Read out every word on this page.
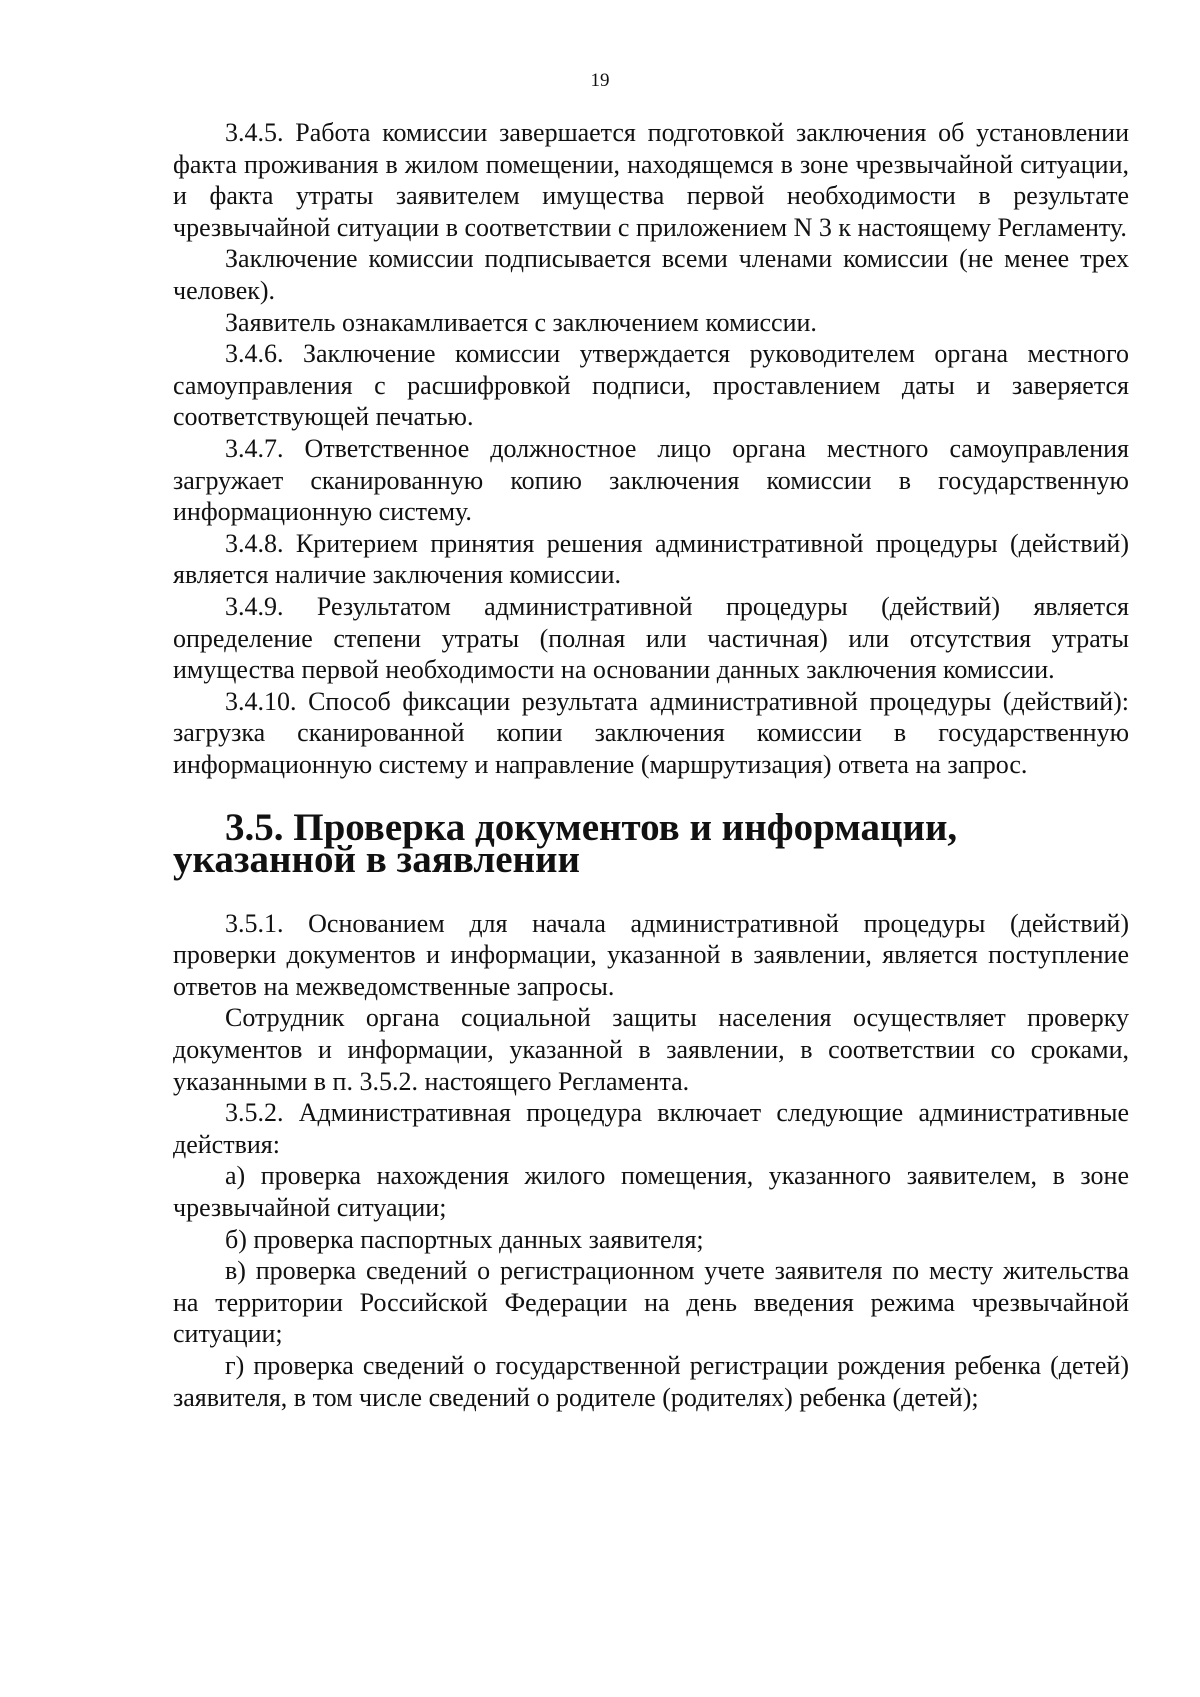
19

3.4.5. Работа комиссии завершается подготовкой заключения об установлении факта проживания в жилом помещении, находящемся в зоне чрезвычайной ситуации, и факта утраты заявителем имущества первой необходимости в результате чрезвычайной ситуации в соответствии с приложением N 3 к настоящему Регламенту.

Заключение комиссии подписывается всеми членами комиссии (не менее трех человек).

Заявитель ознакамливается с заключением комиссии.

3.4.6. Заключение комиссии утверждается руководителем органа местного самоуправления с расшифровкой подписи, проставлением даты и заверяется соответствующей печатью.

3.4.7. Ответственное должностное лицо органа местного самоуправления загружает сканированную копию заключения комиссии в государственную информационную систему.

3.4.8. Критерием принятия решения административной процедуры (действий) является наличие заключения комиссии.

3.4.9. Результатом административной процедуры (действий) является определение степени утраты (полная или частичная) или отсутствия утраты имущества первой необходимости на основании данных заключения комиссии.

3.4.10. Способ фиксации результата административной процедуры (действий): загрузка сканированной копии заключения комиссии в государственную информационную систему и направление (маршрутизация) ответа на запрос.

3.5. Проверка документов и информации, указанной в заявлении

3.5.1. Основанием для начала административной процедуры (действий) проверки документов и информации, указанной в заявлении, является поступление ответов на межведомственные запросы.

Сотрудник органа социальной защиты населения осуществляет проверку документов и информации, указанной в заявлении, в соответствии со сроками, указанными в п. 3.5.2. настоящего Регламента.

3.5.2. Административная процедура включает следующие административные действия:

а) проверка нахождения жилого помещения, указанного заявителем, в зоне чрезвычайной ситуации;

б) проверка паспортных данных заявителя;

в) проверка сведений о регистрационном учете заявителя по месту жительства на территории Российской Федерации на день введения режима чрезвычайной ситуации;

г) проверка сведений о государственной регистрации рождения ребенка (детей) заявителя, в том числе сведений о родителе (родителях) ребенка (детей);
